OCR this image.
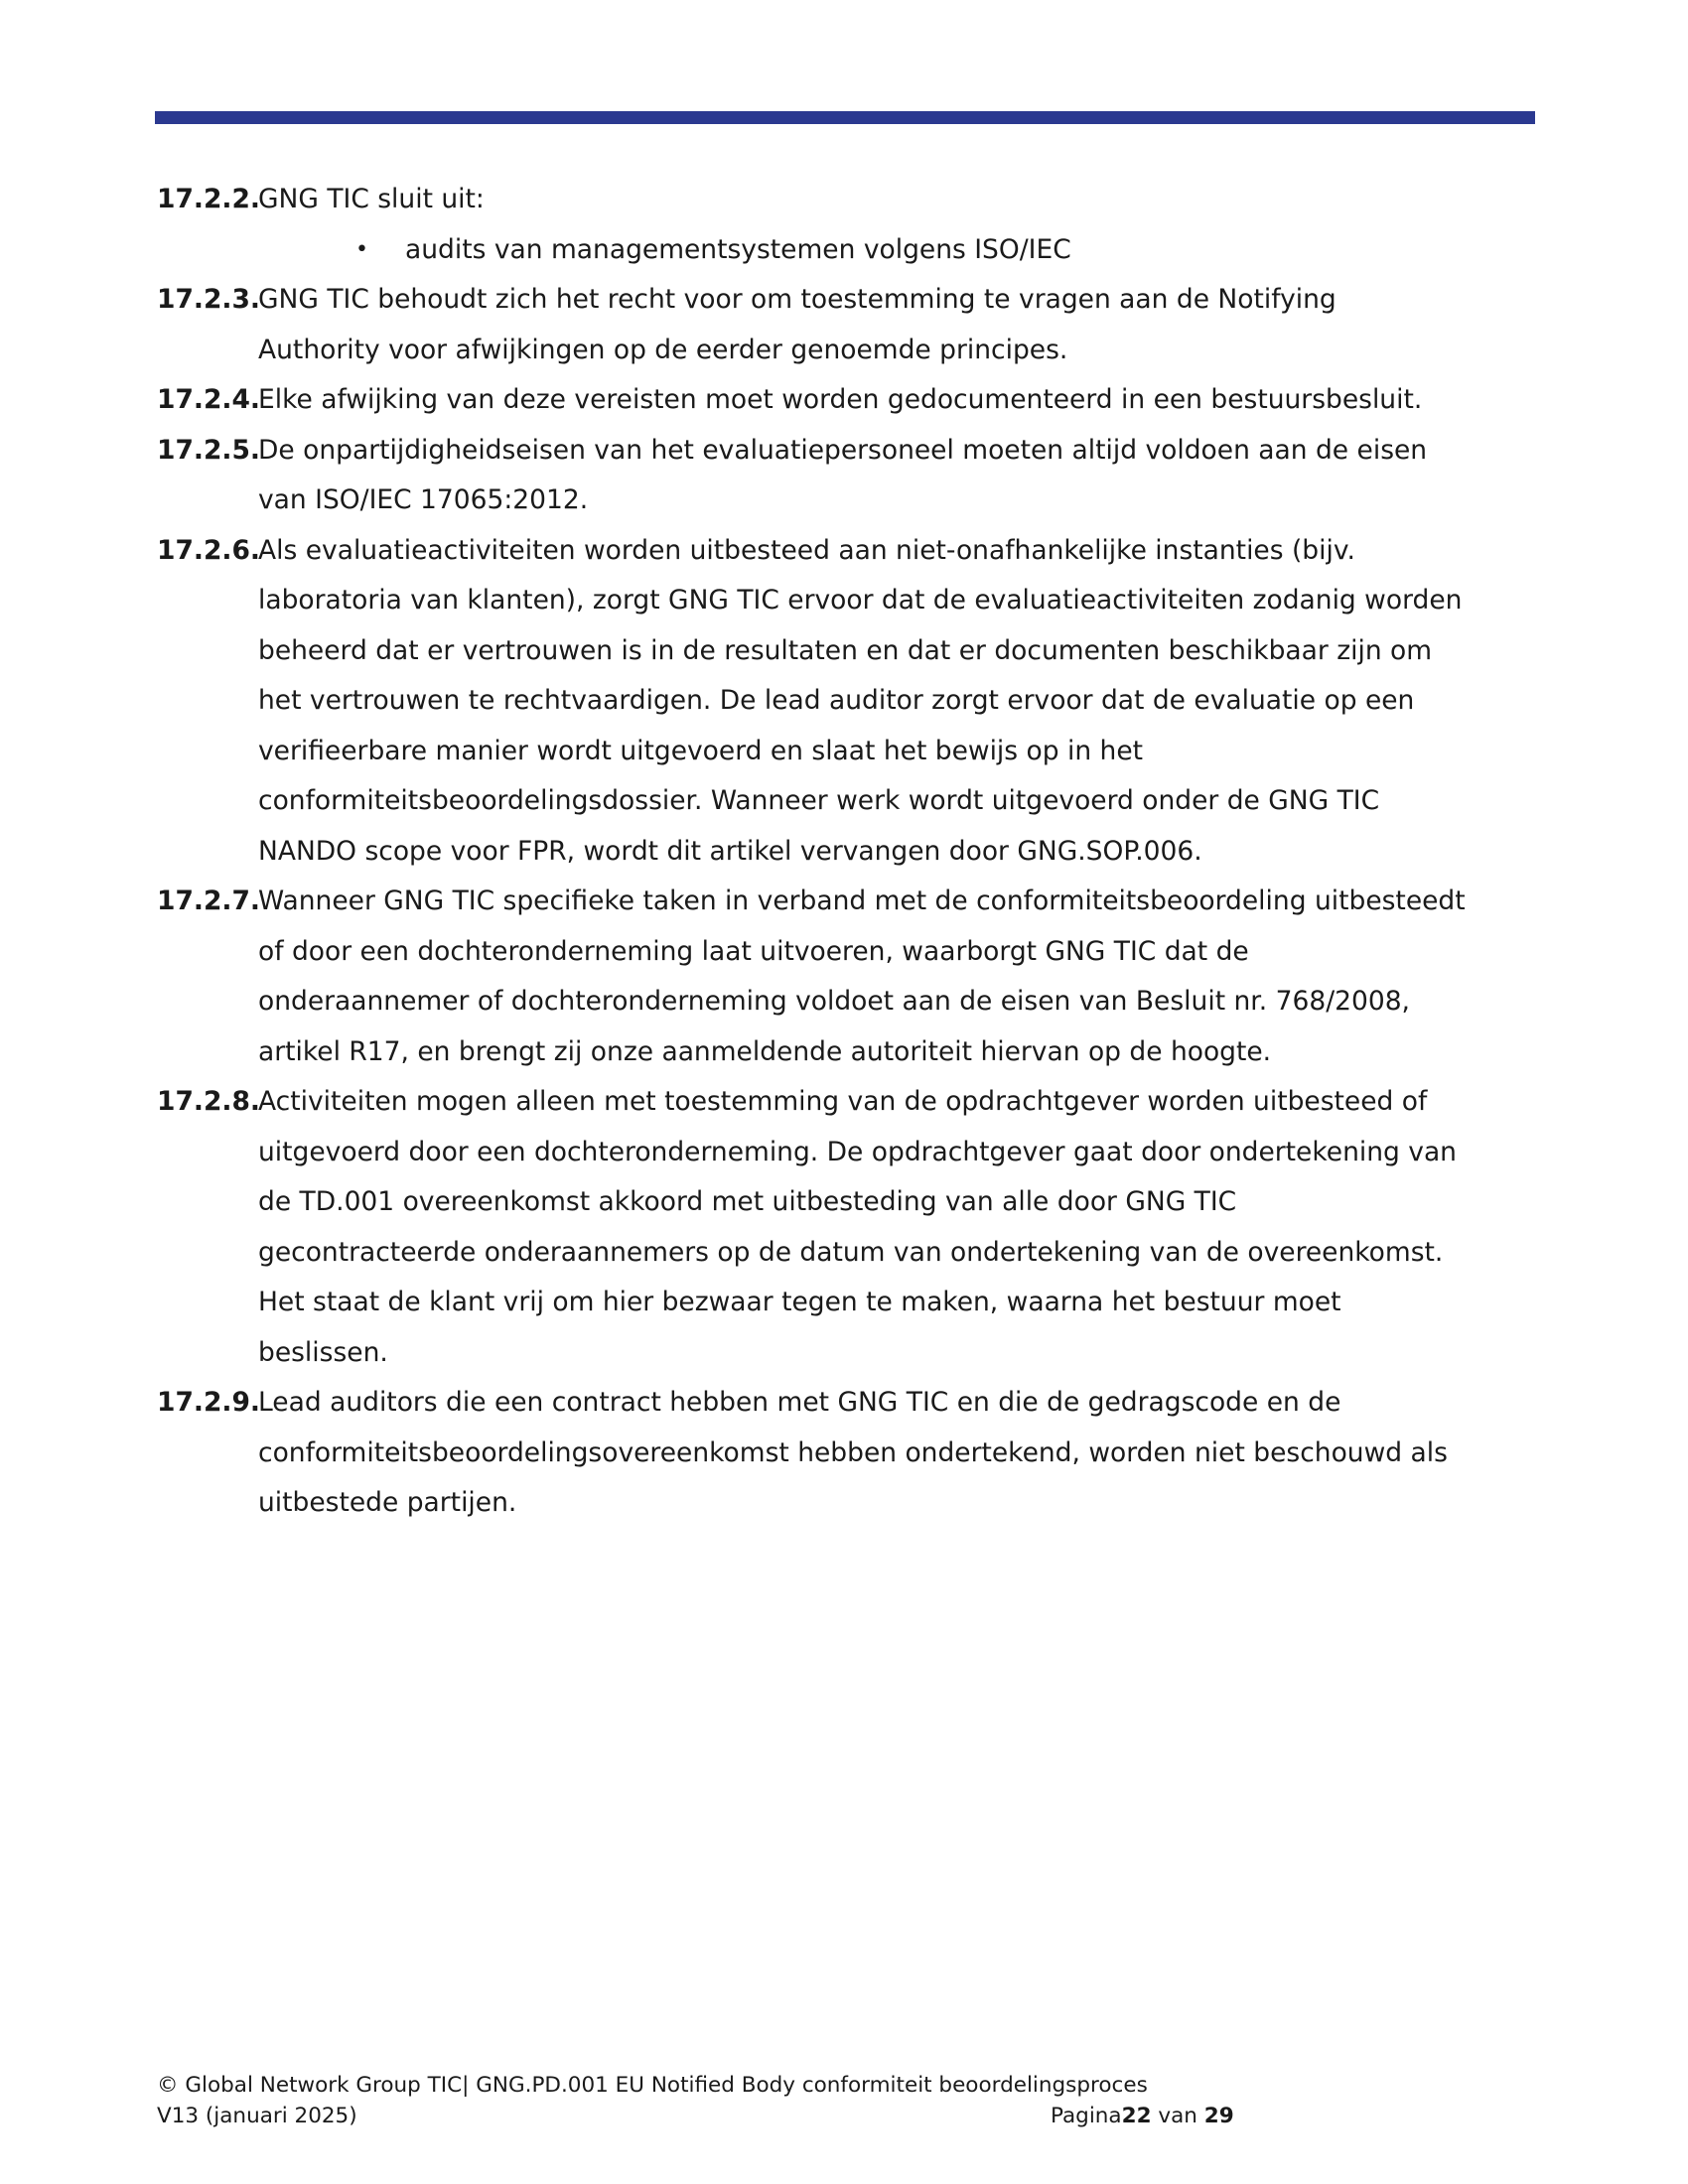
17.2.2.
GNG TIC sluit uit:
•	audits van managementsystemen volgens ISO/IEC
17.2.3.
GNG TIC behoudt zich het recht voor om toestemming te vragen aan de Notifying
Authority voor afwijkingen op de eerder genoemde principes.
17.2.4.
Elke afwijking van deze vereisten moet worden gedocumenteerd in een bestuursbesluit.
17.2.5.
De onpartijdigheidseisen van het evaluatiepersoneel moeten altijd voldoen aan de eisen
van ISO/IEC 17065:2012.
17.2.6.
Als evaluatieactiviteiten worden uitbesteed aan niet-onafhankelijke instanties (bijv.
laboratoria van klanten), zorgt GNG TIC ervoor dat de evaluatieactiviteiten zodanig worden
beheerd dat er vertrouwen is in de resultaten en dat er documenten beschikbaar zijn om
het vertrouwen te rechtvaardigen. De lead auditor zorgt ervoor dat de evaluatie op een
verifieerbare manier wordt uitgevoerd en slaat het bewijs op in het
conformiteitsbeoordelingsdossier. Wanneer werk wordt uitgevoerd onder de GNG TIC
NANDO scope voor FPR, wordt dit artikel vervangen door GNG.SOP.006.
17.2.7.
Wanneer GNG TIC specifieke taken in verband met de conformiteitsbeoordeling uitbesteedt
of door een dochteronderneming laat uitvoeren, waarborgt GNG TIC dat de
onderaannemer of dochteronderneming voldoet aan de eisen van Besluit nr. 768/2008,
artikel R17, en brengt zij onze aanmeldende autoriteit hiervan op de hoogte.
17.2.8.
Activiteiten mogen alleen met toestemming van de opdrachtgever worden uitbesteed of
uitgevoerd door een dochteronderneming. De opdrachtgever gaat door ondertekening van
de TD.001 overeenkomst akkoord met uitbesteding van alle door GNG TIC
gecontracteerde onderaannemers op de datum van ondertekening van de overeenkomst.
Het staat de klant vrij om hier bezwaar tegen te maken, waarna het bestuur moet
beslissen.
17.2.9.
Lead auditors die een contract hebben met GNG TIC en die de gedragscode en de
conformiteitsbeoordelingsovereenkomst hebben ondertekend, worden niet beschouwd als
uitbestede partijen.
© Global Network Group TIC| GNG.PD.001 EU Notified Body conformiteit beoordelingsproces
V13 (januari 2025)	Pagina22 van 29
